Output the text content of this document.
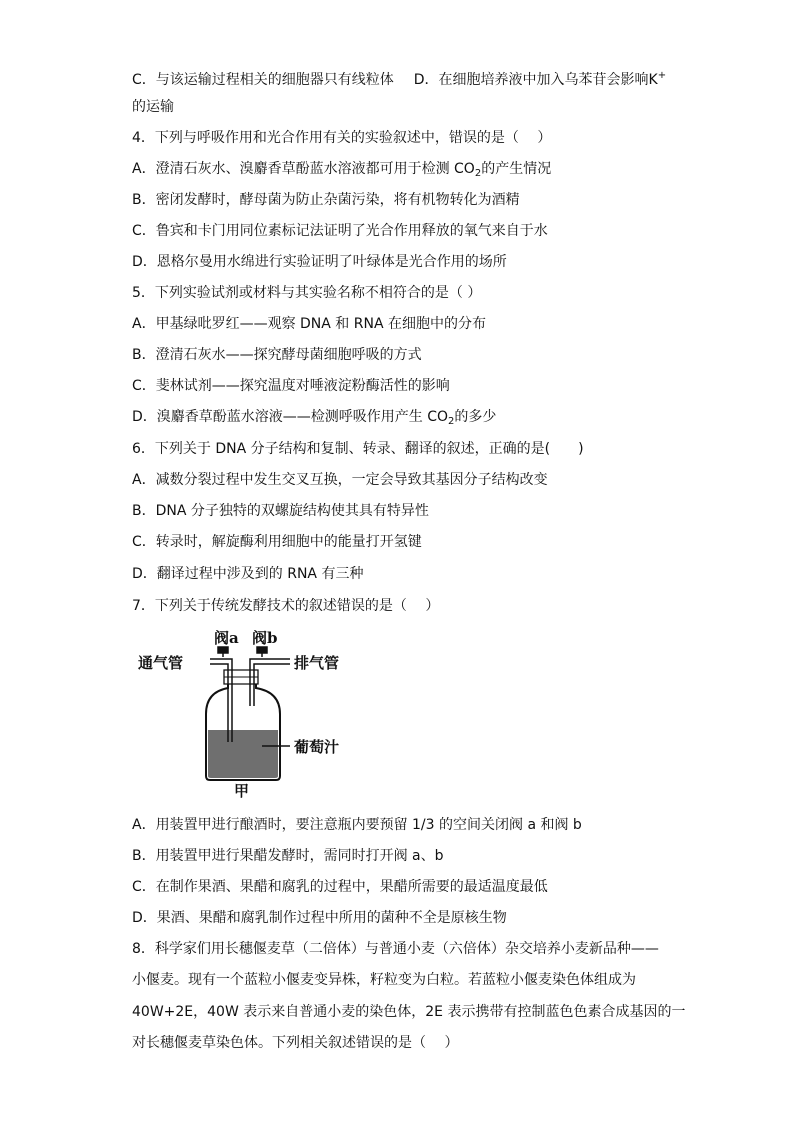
C．与该运输过程相关的细胞器只有线粒体 D．在细胞培养液中加入乌苯苷会影响K+
的运输
4．下列与呼吸作用和光合作用有关的实验叙述中，错误的是（　 ）
A．澄清石灰水、溴麝香草酚蓝水溶液都可用于检测 $CO_2$的产生情况
B．密闭发酵时，酵母菌为防止杂菌污染，将有机物转化为酒精
C．鲁宾和卡门用同位素标记法证明了光合作用释放的氧气来自于水
D．恩格尔曼用水绵进行实验证明了叶绿体是光合作用的场所
5．下列实验试剂或材料与其实验名称不相符合的是（ ）
A．甲基绿吡罗红——观察 DNA 和 RNA 在细胞中的分布
B．澄清石灰水——探究酵母菌细胞呼吸的方式
C．斐林试剂——探究温度对唾液淀粉酶活性的影响
D．溴麝香草酚蓝水溶液——检测呼吸作用产生 $CO_2$的多少
6．下列关于 DNA 分子结构和复制、转录、翻译的叙述，正确的是(　　)
A．减数分裂过程中发生交叉互换，一定会导致其基因分子结构改变
B．DNA 分子独特的双螺旋结构使其具有特异性
C．转录时，解旋酶利用细胞中的能量打开氢键
D．翻译过程中涉及到的 RNA 有三种
7．下列关于传统发酵技术的叙述错误的是（　 ）
阀a 阀b
通气管	排气管
葡萄汁
甲
A．用装置甲进行酿酒时，要注意瓶内要预留 1/3 的空间关闭阀 a 和阀 b
B．用装置甲进行果醋发酵时，需同时打开阀 a、b
C．在制作果酒、果醋和腐乳的过程中，果醋所需要的最适温度最低
D．果酒、果醋和腐乳制作过程中所用的菌种不全是原核生物
8．科学家们用长穗偃麦草（二倍体）与普通小麦（六倍体）杂交培养小麦新品种——
小偃麦。现有一个蓝粒小偃麦变异株，籽粒变为白粒。若蓝粒小偃麦染色体组成为
40W+2E，40W 表示来自普通小麦的染色体，2E 表示携带有控制蓝色色素合成基因的一
对长穗偃麦草染色体。下列相关叙述错误的是（　 ）
